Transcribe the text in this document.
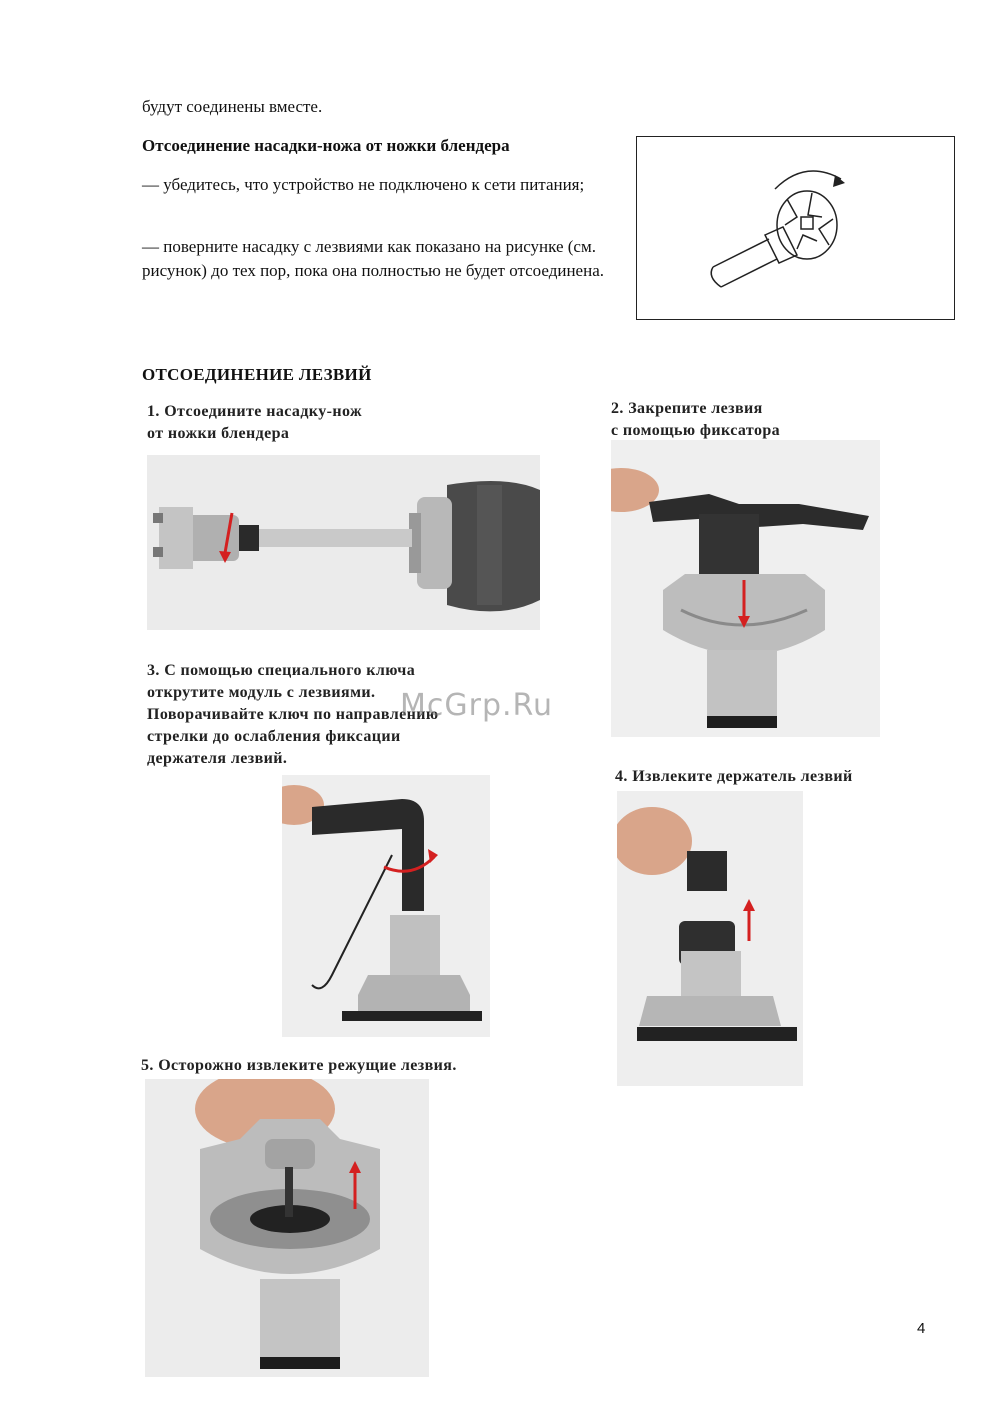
будут соединены вместе.
Отсоединение насадки-ножа от ножки блендера
— убедитесь, что устройство не подключено к сети питания;
— поверните насадку с лезвиями как показано на рисунке (см. рисунок) до тех пор, пока она полностью не будет отсоединена.
ОТСОЕДИНЕНИЕ ЛЕЗВИЙ
1. Отсоедините насадку-нож
от ножки блендера
2. Закрепите лезвия
с помощью фиксатора
3. С помощью специального ключа
открутите модуль с лезвиями.
Поворачивайте ключ по направлению
стрелки до ослабления фиксации
держателя лезвий.
McGrp.Ru
4. Извлеките держатель лезвий
5. Осторожно извлеките режущие лезвия.
4
